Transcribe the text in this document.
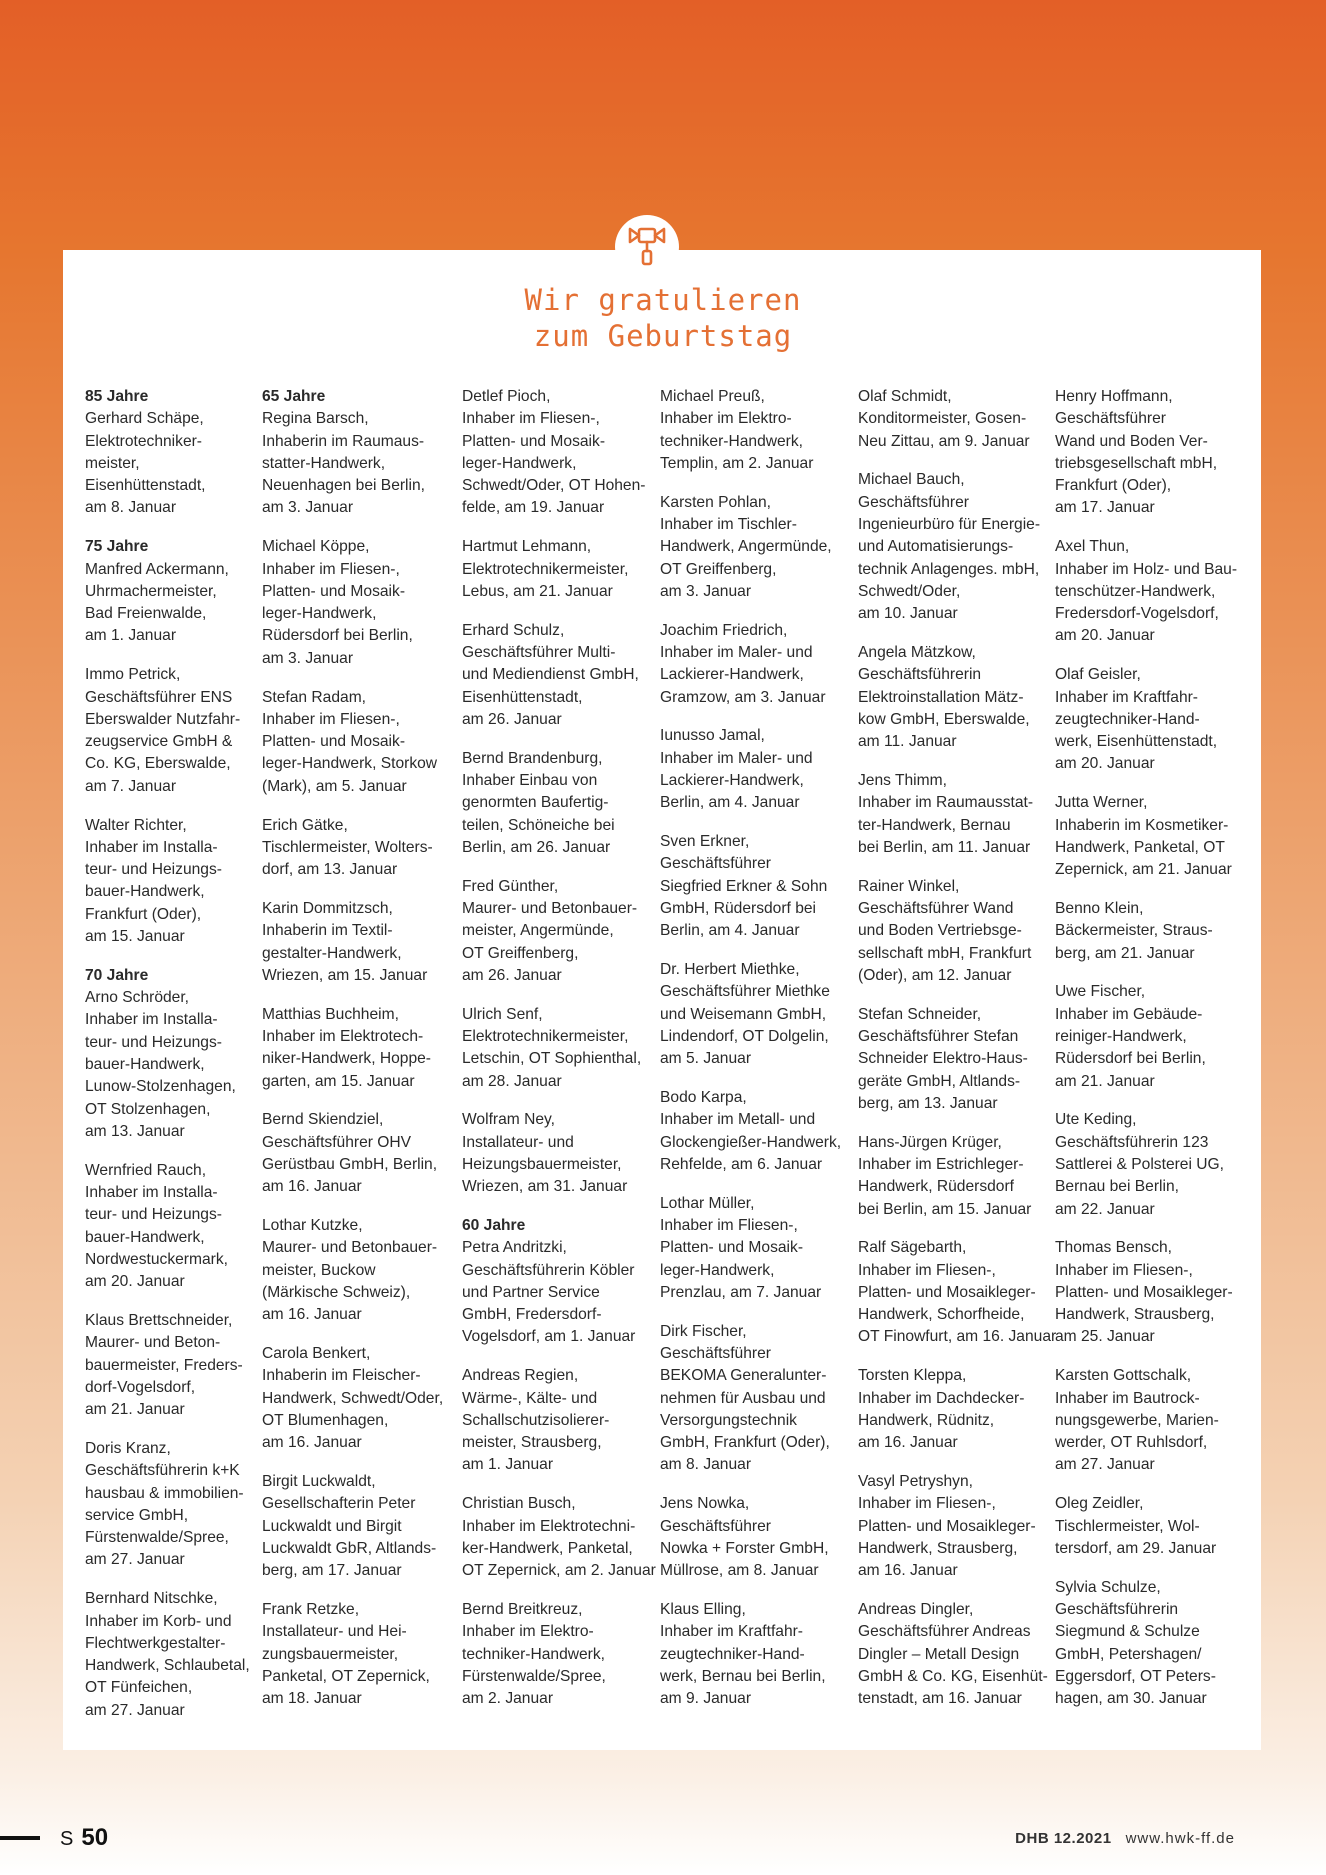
Wir gratulieren
zum Geburtstag
85 Jahre
Gerhard Schäpe,
Elektrotechniker-
meister,
Eisenhüttenstadt,
am 8. Januar
75 Jahre
Manfred Ackermann,
Uhrmachermeister,
Bad Freienwalde,
am 1. Januar
Immo Petrick,
Geschäftsführer ENS
Eberswalder Nutzfahr-
zeugservice GmbH &
Co. KG, Eberswalde,
am 7. Januar
Walter Richter,
Inhaber im Installa-
teur- und Heizungs-
bauer-Handwerk,
Frankfurt (Oder),
am 15. Januar
70 Jahre
Arno Schröder,
Inhaber im Installa-
teur- und Heizungs-
bauer-Handwerk,
Lunow-Stolzenhagen,
OT Stolzenhagen,
am 13. Januar
Wernfried Rauch,
Inhaber im Installa-
teur- und Heizungs-
bauer-Handwerk,
Nordwestuckermark,
am 20. Januar
Klaus Brettschneider,
Maurer- und Beton-
bauermeister, Freders-
dorf-Vogelsdorf,
am 21. Januar
Doris Kranz,
Geschäftsführerin k+K
hausbau & immobilien-
service GmbH,
Fürstenwalde/Spree,
am 27. Januar
Bernhard Nitschke,
Inhaber im Korb- und
Flechtwerkgestalter-
Handwerk, Schlaubetal,
OT Fünfeichen,
am 27. Januar
65 Jahre
Regina Barsch,
Inhaberin im Raumaus-
statter-Handwerk,
Neuenhagen bei Berlin,
am 3. Januar
Michael Köppe,
Inhaber im Fliesen-,
Platten- und Mosaik-
leger-Handwerk,
Rüdersdorf bei Berlin,
am 3. Januar
Stefan Radam,
Inhaber im Fliesen-,
Platten- und Mosaik-
leger-Handwerk, Storkow
(Mark), am 5. Januar
Erich Gätke,
Tischlermeister, Wolters-
dorf, am 13. Januar
Karin Dommitzsch,
Inhaberin im Textil-
gestalter-Handwerk,
Wriezen, am 15. Januar
Matthias Buchheim,
Inhaber im Elektrotech-
niker-Handwerk, Hoppe-
garten, am 15. Januar
Bernd Skiendziel,
Geschäftsführer OHV
Gerüstbau GmbH, Berlin,
am 16. Januar
Lothar Kutzke,
Maurer- und Betonbauer-
meister, Buckow
(Märkische Schweiz),
am 16. Januar
Carola Benkert,
Inhaberin im Fleischer-
Handwerk, Schwedt/Oder,
OT Blumenhagen,
am 16. Januar
Birgit Luckwaldt,
Gesellschafterin Peter
Luckwaldt und Birgit
Luckwaldt GbR, Altlands-
berg, am 17. Januar
Frank Retzke,
Installateur- und Hei-
zungsbauermeister,
Panketal, OT Zepernick,
am 18. Januar
Detlef Pioch,
Inhaber im Fliesen-,
Platten- und Mosaik-
leger-Handwerk,
Schwedt/Oder, OT Hohen-
felde, am 19. Januar
Hartmut Lehmann,
Elektrotechnikermeister,
Lebus, am 21. Januar
Erhard Schulz,
Geschäftsführer Multi-
und Mediendienst GmbH,
Eisenhüttenstadt,
am 26. Januar
Bernd Brandenburg,
Inhaber Einbau von
genormten Baufertig-
teilen, Schöneiche bei
Berlin, am 26. Januar
Fred Günther,
Maurer- und Betonbauer-
meister, Angermünde,
OT Greiffenberg,
am 26. Januar
Ulrich Senf,
Elektrotechnikermeister,
Letschin, OT Sophienthal,
am 28. Januar
Wolfram Ney,
Installateur- und
Heizungsbauermeister,
Wriezen, am 31. Januar
60 Jahre
Petra Andritzki,
Geschäftsführerin Köbler
und Partner Service
GmbH, Fredersdorf-
Vogelsdorf, am 1. Januar
Andreas Regien,
Wärme-, Kälte- und
Schallschutzisolierer-
meister, Strausberg,
am 1. Januar
Christian Busch,
Inhaber im Elektrotechni-
ker-Handwerk, Panketal,
OT Zepernick, am 2. Januar
Bernd Breitkreuz,
Inhaber im Elektro-
techniker-Handwerk,
Fürstenwalde/Spree,
am 2. Januar
Michael Preuß,
Inhaber im Elektro-
techniker-Handwerk,
Templin, am 2. Januar
Karsten Pohlan,
Inhaber im Tischler-
Handwerk, Angermünde,
OT Greiffenberg,
am 3. Januar
Joachim Friedrich,
Inhaber im Maler- und
Lackierer-Handwerk,
Gramzow, am 3. Januar
Iunusso Jamal,
Inhaber im Maler- und
Lackierer-Handwerk,
Berlin, am 4. Januar
Sven Erkner,
Geschäftsführer
Siegfried Erkner & Sohn
GmbH, Rüdersdorf bei
Berlin, am 4. Januar
Dr. Herbert Miethke,
Geschäftsführer Miethke
und Weisemann GmbH,
Lindendorf, OT Dolgelin,
am 5. Januar
Bodo Karpa,
Inhaber im Metall- und
Glockengießer-Handwerk,
Rehfelde, am 6. Januar
Lothar Müller,
Inhaber im Fliesen-,
Platten- und Mosaik-
leger-Handwerk,
Prenzlau, am 7. Januar
Dirk Fischer,
Geschäftsführer
BEKOMA Generalunter-
nehmen für Ausbau und
Versorgungstechnik
GmbH, Frankfurt (Oder),
am 8. Januar
Jens Nowka,
Geschäftsführer
Nowka + Forster GmbH,
Müllrose, am 8. Januar
Klaus Elling,
Inhaber im Kraftfahr-
zeugtechniker-Hand-
werk, Bernau bei Berlin,
am 9. Januar
Olaf Schmidt,
Konditormeister, Gosen-
Neu Zittau, am 9. Januar
Michael Bauch,
Geschäftsführer
Ingenieurbüro für Energie-
und Automatisierungs-
technik Anlagenges. mbH,
Schwedt/Oder,
am 10. Januar
Angela Mätzkow,
Geschäftsführerin
Elektroinstallation Mätz-
kow GmbH, Eberswalde,
am 11. Januar
Jens Thimm,
Inhaber im Raumausstat-
ter-Handwerk, Bernau
bei Berlin, am 11. Januar
Rainer Winkel,
Geschäftsführer Wand
und Boden Vertriebsge-
sellschaft mbH, Frankfurt
(Oder), am 12. Januar
Stefan Schneider,
Geschäftsführer Stefan
Schneider Elektro-Haus-
geräte GmbH, Altlands-
berg, am 13. Januar
Hans-Jürgen Krüger,
Inhaber im Estrichleger-
Handwerk, Rüdersdorf
bei Berlin, am 15. Januar
Ralf Sägebarth,
Inhaber im Fliesen-,
Platten- und Mosaikleger-
Handwerk, Schorfheide,
OT Finowfurt, am 16. Januar
Torsten Kleppa,
Inhaber im Dachdecker-
Handwerk, Rüdnitz,
am 16. Januar
Vasyl Petryshyn,
Inhaber im Fliesen-,
Platten- und Mosaikleger-
Handwerk, Strausberg,
am 16. Januar
Andreas Dingler,
Geschäftsführer Andreas
Dingler – Metall Design
GmbH & Co. KG, Eisenhüt-
tenstadt, am 16. Januar
Henry Hoffmann,
Geschäftsführer
Wand und Boden Ver-
triebsgesellschaft mbH,
Frankfurt (Oder),
am 17. Januar
Axel Thun,
Inhaber im Holz- und Bau-
tenschützer-Handwerk,
Fredersdorf-Vogelsdorf,
am 20. Januar
Olaf Geisler,
Inhaber im Kraftfahr-
zeugtechniker-Hand-
werk, Eisenhüttenstadt,
am 20. Januar
Jutta Werner,
Inhaberin im Kosmetiker-
Handwerk, Panketal, OT
Zepernick, am 21. Januar
Benno Klein,
Bäckermeister, Straus-
berg, am 21. Januar
Uwe Fischer,
Inhaber im Gebäude-
reiniger-Handwerk,
Rüdersdorf bei Berlin,
am 21. Januar
Ute Keding,
Geschäftsführerin 123
Sattlerei & Polsterei UG,
Bernau bei Berlin,
am 22. Januar
Thomas Bensch,
Inhaber im Fliesen-,
Platten- und Mosaikleger-
Handwerk, Strausberg,
am 25. Januar
Karsten Gottschalk,
Inhaber im Bautrock-
nungsgewerbe, Marien-
werder, OT Ruhlsdorf,
am 27. Januar
Oleg Zeidler,
Tischlermeister, Wol-
tersdorf, am 29. Januar
Sylvia Schulze,
Geschäftsführerin
Siegmund & Schulze
GmbH, Petershagen/
Eggersdorf, OT Peters-
hagen, am 30. Januar
S 50	DHB 12.2021 www.hwk-ff.de
